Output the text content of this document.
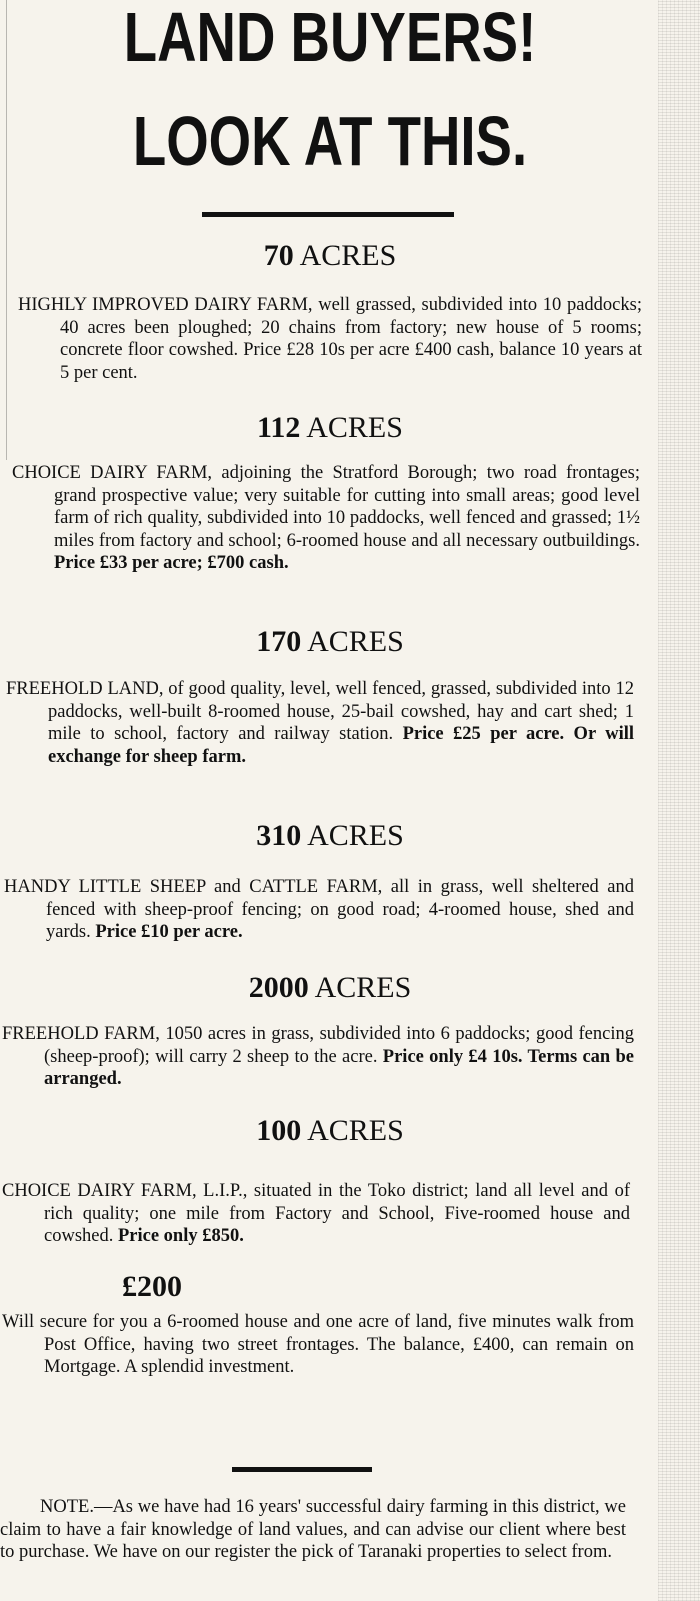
LAND BUYERS!
LOOK AT THIS.
70 ACRES
HIGHLY IMPROVED DAIRY FARM, well grassed, subdivided into 10 paddocks; 40 acres been ploughed; 20 chains from factory; new house of 5 rooms; concrete floor cowshed. Price £28 10s per acre £400 cash, balance 10 years at 5 per cent.
112 ACRES
CHOICE DAIRY FARM, adjoining the Stratford Borough; two road frontages; grand prospective value; very suitable for cutting into small areas; good level farm of rich quality, subdivided into 10 paddocks, well fenced and grassed; 1½ miles from factory and school; 6-roomed house and all necessary outbuildings. Price £33 per acre; £700 cash.
170 ACRES
FREEHOLD LAND, of good quality, level, well fenced, grassed, subdivided into 12 paddocks, well-built 8-roomed house, 25-bail cowshed, hay and cart shed; 1 mile to school, factory and railway station. Price £25 per acre. Or will exchange for sheep farm.
310 ACRES
HANDY LITTLE SHEEP and CATTLE FARM, all in grass, well sheltered and fenced with sheep-proof fencing; on good road; 4-roomed house, shed and yards. Price £10 per acre.
2000 ACRES
FREEHOLD FARM, 1050 acres in grass, subdivided into 6 paddocks; good fencing (sheep-proof); will carry 2 sheep to the acre. Price only £4 10s. Terms can be arranged.
100 ACRES
CHOICE DAIRY FARM, L.I.P., situated in the Toko district; land all level and of rich quality; one mile from Factory and School, Five-roomed house and cowshed. Price only £850.
£200
Will secure for you a 6-roomed house and one acre of land, five minutes walk from Post Office, having two street frontages. The balance, £400, can remain on Mortgage. A splendid investment.
NOTE.—As we have had 16 years' successful dairy farming in this district, we claim to have a fair knowledge of land values, and can advise our client where best to purchase. We have on our register the pick of Taranaki properties to select from.
